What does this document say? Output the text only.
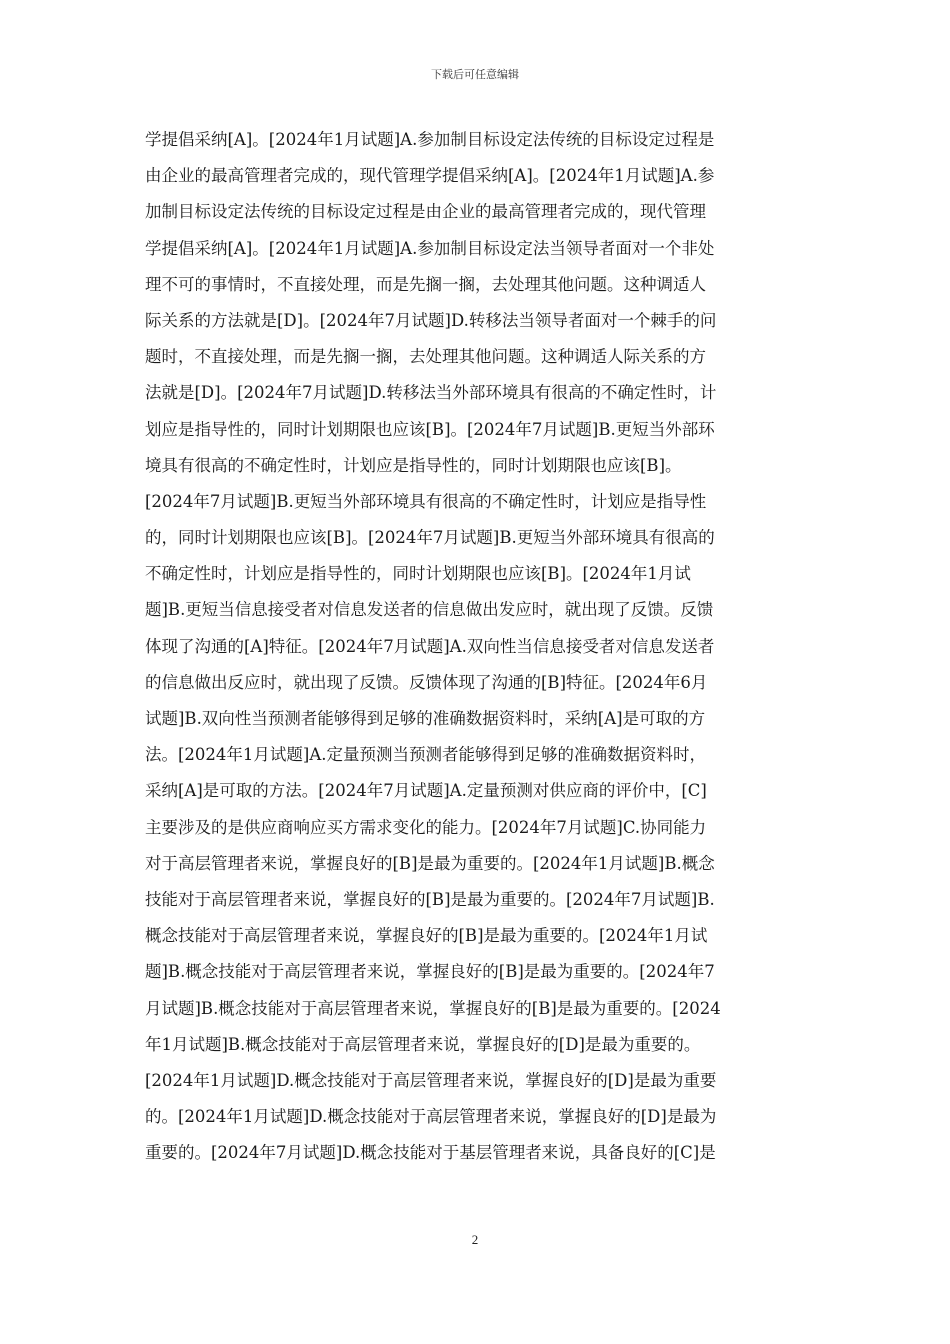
下载后可任意编辑
学提倡采纳[A]。[2024年1月试题]A.参加制目标设定法传统的目标设定过程是
由企业的最高管理者完成的，现代管理学提倡采纳[A]。[2024年1月试题]A.参
加制目标设定法传统的目标设定过程是由企业的最高管理者完成的，现代管理
学提倡采纳[A]。[2024年1月试题]A.参加制目标设定法当领导者面对一个非处
理不可的事情时，不直接处理，而是先搁一搁，去处理其他问题。这种调适人
际关系的方法就是[D]。[2024年7月试题]D.转移法当领导者面对一个棘手的问
题时，不直接处理，而是先搁一搁，去处理其他问题。这种调适人际关系的方
法就是[D]。[2024年7月试题]D.转移法当外部环境具有很高的不确定性时，计
划应是指导性的，同时计划期限也应该[B]。[2024年7月试题]B.更短当外部环
境具有很高的不确定性时，计划应是指导性的，同时计划期限也应该[B]。
[2024年7月试题]B.更短当外部环境具有很高的不确定性时，计划应是指导性
的，同时计划期限也应该[B]。[2024年7月试题]B.更短当外部环境具有很高的
不确定性时，计划应是指导性的，同时计划期限也应该[B]。[2024年1月试
题]B.更短当信息接受者对信息发送者的信息做出发应时，就出现了反馈。反馈
体现了沟通的[A]特征。[2024年7月试题]A.双向性当信息接受者对信息发送者
的信息做出反应时，就出现了反馈。反馈体现了沟通的[B]特征。[2024年6月
试题]B.双向性当预测者能够得到足够的准确数据资料时，采纳[A]是可取的方
法。[2024年1月试题]A.定量预测当预测者能够得到足够的准确数据资料时，
采纳[A]是可取的方法。[2024年7月试题]A.定量预测对供应商的评价中，[C]
主要涉及的是供应商响应买方需求变化的能力。[2024年7月试题]C.协同能力
对于高层管理者来说，掌握良好的[B]是最为重要的。[2024年1月试题]B.概念
技能对于高层管理者来说，掌握良好的[B]是最为重要的。[2024年7月试题]B.
概念技能对于高层管理者来说，掌握良好的[B]是最为重要的。[2024年1月试
题]B.概念技能对于高层管理者来说，掌握良好的[B]是最为重要的。[2024年7
月试题]B.概念技能对于高层管理者来说，掌握良好的[B]是最为重要的。[2024
年1月试题]B.概念技能对于高层管理者来说，掌握良好的[D]是最为重要的。
[2024年1月试题]D.概念技能对于高层管理者来说，掌握良好的[D]是最为重要
的。[2024年1月试题]D.概念技能对于高层管理者来说，掌握良好的[D]是最为
重要的。[2024年7月试题]D.概念技能对于基层管理者来说，具备良好的[C]是
2
